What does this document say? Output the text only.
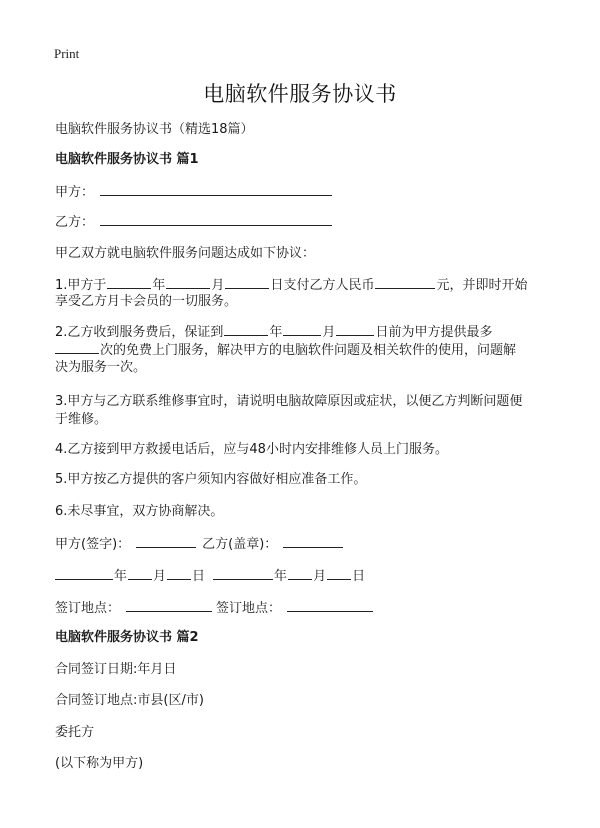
Print
电脑软件服务协议书
电脑软件服务协议书（精选18篇）
电脑软件服务协议书 篇1
甲方：
乙方：
甲乙双方就电脑软件服务问题达成如下协议：
1.甲方于	年	月	日支付乙方人民币	元，并即时开始
享受乙方月卡会员的一切服务。
2.乙方收到服务费后，保证到	年	月	日前为甲方提供最多
次的免费上门服务，解决甲方的电脑软件问题及相关软件的使用，问题解
决为服务一次。
3.甲方与乙方联系维修事宜时，请说明电脑故障原因或症状，以便乙方判断问题便
于维修。
4.乙方接到甲方救援电话后，应与48小时内安排维修人员上门服务。
5.甲方按乙方提供的客户须知内容做好相应准备工作。
6.未尽事宜，双方协商解决。
甲方(签字)：	乙方(盖章)：
年 月 日	年 月 日
签订地点：	签订地点：
电脑软件服务协议书 篇2
合同签订日期:年月日
合同签订地点:市县(区/市)
委托方
(以下称为甲方)
